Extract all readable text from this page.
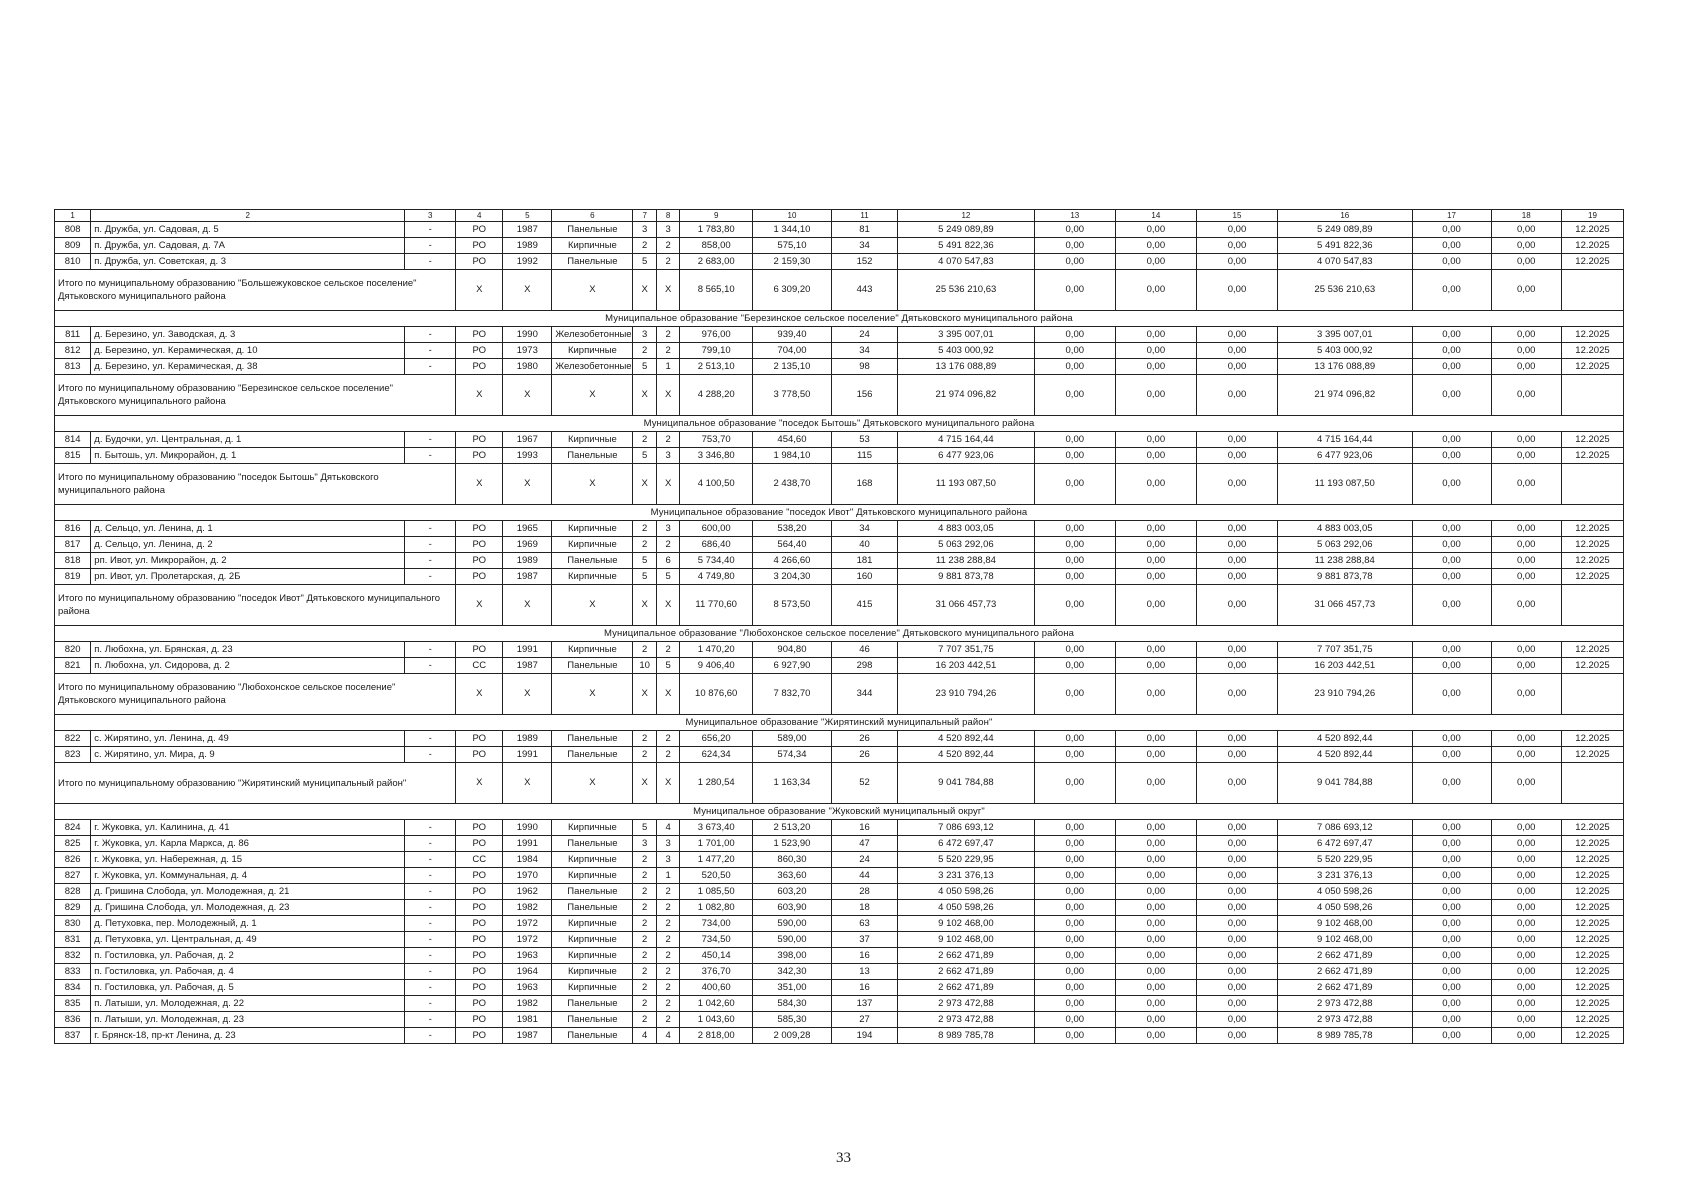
1	2	3	4	5	6	7	8	9	10	11	12	13	14	15	16	17	18	19
808	п. Дружба, ул. Садовая, д. 5	-	РО	1987	Панельные	3	3	1 783,80	1 344,10	81	5 249 089,89	0,00	0,00	0,00	5 249 089,89	0,00	0,00	12.2025
809	п. Дружба, ул. Садовая, д. 7А	-	РО	1989	Кирпичные	2	2	858,00	575,10	34	5 491 822,36	0,00	0,00	0,00	5 491 822,36	0,00	0,00	12.2025
810	п. Дружба, ул. Советская, д. 3	-	РО	1992	Панельные	5	2	2 683,00	2 159,30	152	4 070 547,83	0,00	0,00	0,00	4 070 547,83	0,00	0,00	12.2025
Итого по муниципальному образованию "Большежуковское сельское поселение" Дятьковского муниципального района			X	X	X	X	X	8 565,10	6 309,20	443	25 536 210,63	0,00	0,00	0,00	25 536 210,63	0,00	0,00	
Муниципальное образование "Березинское сельское поселение" Дятьковского муниципального района																		
811	д. Березино, ул. Заводская, д. 3	-	РО	1990	Железобетонные	3	2	976,00	939,40	24	3 395 007,01	0,00	0,00	0,00	3 395 007,01	0,00	0,00	12.2025
812	д. Березино, ул. Керамическая, д. 10	-	РО	1973	Кирпичные	2	2	799,10	704,00	34	5 403 000,92	0,00	0,00	0,00	5 403 000,92	0,00	0,00	12.2025
813	д. Березино, ул. Керамическая, д. 38	-	РО	1980	Железобетонные	5	1	2 513,10	2 135,10	98	13 176 088,89	0,00	0,00	0,00	13 176 088,89	0,00	0,00	12.2025
Итого по муниципальному образованию "Березинское сельское поселение" Дятьковского муниципального района			X	X	X	X	X	4 288,20	3 778,50	156	21 974 096,82	0,00	0,00	0,00	21 974 096,82	0,00	0,00	
Муниципальное образование "поседок Бытошь" Дятьковского муниципального района																		
814	д. Будочки, ул. Центральная, д. 1	-	РО	1967	Кирпичные	2	2	753,70	454,60	53	4 715 164,44	0,00	0,00	0,00	4 715 164,44	0,00	0,00	12.2025
815	п. Бытошь, ул. Микрорайон, д. 1	-	РО	1993	Панельные	5	3	3 346,80	1 984,10	115	6 477 923,06	0,00	0,00	0,00	6 477 923,06	0,00	0,00	12.2025
Итого по муниципальному образованию "поседок Бытошь" Дятьковского муниципального района			X	X	X	X	X	4 100,50	2 438,70	168	11 193 087,50	0,00	0,00	0,00	11 193 087,50	0,00	0,00	
Муниципальное образование "поседок Ивот" Дятьковского муниципального района																		
816	д. Сельцо, ул. Ленина, д. 1	-	РО	1965	Кирпичные	2	3	600,00	538,20	34	4 883 003,05	0,00	0,00	0,00	4 883 003,05	0,00	0,00	12.2025
817	д. Сельцо, ул. Ленина, д. 2	-	РО	1969	Кирпичные	2	2	686,40	564,40	40	5 063 292,06	0,00	0,00	0,00	5 063 292,06	0,00	0,00	12.2025
818	рп. Ивот, ул. Микрорайон, д. 2	-	РО	1989	Панельные	5	6	5 734,40	4 266,60	181	11 238 288,84	0,00	0,00	0,00	11 238 288,84	0,00	0,00	12.2025
819	рп. Ивот, ул. Пролетарская, д. 2Б	-	РО	1987	Кирпичные	5	5	4 749,80	3 204,30	160	9 881 873,78	0,00	0,00	0,00	9 881 873,78	0,00	0,00	12.2025
Итого по муниципальному образованию "поседок Ивот" Дятьковского муниципального района			X	X	X	X	X	11 770,60	8 573,50	415	31 066 457,73	0,00	0,00	0,00	31 066 457,73	0,00	0,00	
Муниципальное образование "Любохонское сельское поселение" Дятьковского муниципального района																		
820	п. Любохна, ул. Брянская, д. 23	-	РО	1991	Кирпичные	2	2	1 470,20	904,80	46	7 707 351,75	0,00	0,00	0,00	7 707 351,75	0,00	0,00	12.2025
821	п. Любохна, ул. Сидорова, д. 2	-	СС	1987	Панельные	10	5	9 406,40	6 927,90	298	16 203 442,51	0,00	0,00	0,00	16 203 442,51	0,00	0,00	12.2025
Итого по муниципальному образованию "Любохонское сельское поселение" Дятьковского муниципального района			X	X	X	X	X	10 876,60	7 832,70	344	23 910 794,26	0,00	0,00	0,00	23 910 794,26	0,00	0,00	
Муниципальное образование "Жирятинский муниципальный район"																		
822	с. Жирятино, ул. Ленина, д. 49	-	РО	1989	Панельные	2	2	656,20	589,00	26	4 520 892,44	0,00	0,00	0,00	4 520 892,44	0,00	0,00	12.2025
823	с. Жирятино, ул. Мира, д. 9	-	РО	1991	Панельные	2	2	624,34	574,34	26	4 520 892,44	0,00	0,00	0,00	4 520 892,44	0,00	0,00	12.2025
Итого по муниципальному образованию "Жирятинский муниципальный район"			X	X	X	X	X	1 280,54	1 163,34	52	9 041 784,88	0,00	0,00	0,00	9 041 784,88	0,00	0,00	
Муниципальное образование "Жуковский муниципальный округ"																		
824	г. Жуковка, ул. Калинина, д. 41	-	РО	1990	Кирпичные	5	4	3 673,40	2 513,20	16	7 086 693,12	0,00	0,00	0,00	7 086 693,12	0,00	0,00	12.2025
825	г. Жуковка, ул. Карла Маркса, д. 86	-	РО	1991	Панельные	3	3	1 701,00	1 523,90	47	6 472 697,47	0,00	0,00	0,00	6 472 697,47	0,00	0,00	12.2025
826	г. Жуковка, ул. Набережная, д. 15	-	СС	1984	Кирпичные	2	3	1 477,20	860,30	24	5 520 229,95	0,00	0,00	0,00	5 520 229,95	0,00	0,00	12.2025
827	г. Жуковка, ул. Коммунальная, д. 4	-	РО	1970	Кирпичные	2	1	520,50	363,60	44	3 231 376,13	0,00	0,00	0,00	3 231 376,13	0,00	0,00	12.2025
828	д. Гришина Слобода, ул. Молодежная, д. 21	-	РО	1962	Панельные	2	2	1 085,50	603,20	28	4 050 598,26	0,00	0,00	0,00	4 050 598,26	0,00	0,00	12.2025
829	д. Гришина Слобода, ул. Молодежная, д. 23	-	РО	1982	Панельные	2	2	1 082,80	603,90	18	4 050 598,26	0,00	0,00	0,00	4 050 598,26	0,00	0,00	12.2025
830	д. Петуховка, пер. Молодежный, д. 1	-	РО	1972	Кирпичные	2	2	734,00	590,00	63	9 102 468,00	0,00	0,00	0,00	9 102 468,00	0,00	0,00	12.2025
831	д. Петуховка, ул. Центральная, д. 49	-	РО	1972	Кирпичные	2	2	734,50	590,00	37	9 102 468,00	0,00	0,00	0,00	9 102 468,00	0,00	0,00	12.2025
832	п. Гостиловка, ул. Рабочая, д. 2	-	РО	1963	Кирпичные	2	2	450,14	398,00	16	2 662 471,89	0,00	0,00	0,00	2 662 471,89	0,00	0,00	12.2025
833	п. Гостиловка, ул. Рабочая, д. 4	-	РО	1964	Кирпичные	2	2	376,70	342,30	13	2 662 471,89	0,00	0,00	0,00	2 662 471,89	0,00	0,00	12.2025
834	п. Гостиловка, ул. Рабочая, д. 5	-	РО	1963	Кирпичные	2	2	400,60	351,00	16	2 662 471,89	0,00	0,00	0,00	2 662 471,89	0,00	0,00	12.2025
835	п. Латыши, ул. Молодежная, д. 22	-	РО	1982	Панельные	2	2	1 042,60	584,30	137	2 973 472,88	0,00	0,00	0,00	2 973 472,88	0,00	0,00	12.2025
836	п. Латыши, ул. Молодежная, д. 23	-	РО	1981	Панельные	2	2	1 043,60	585,30	27	2 973 472,88	0,00	0,00	0,00	2 973 472,88	0,00	0,00	12.2025
837	г. Брянск-18, пр-кт Ленина, д. 23	-	РО	1987	Панельные	4	4	2 818,00	2 009,28	194	8 989 785,78	0,00	0,00	0,00	8 989 785,78	0,00	0,00	12.2025
33
